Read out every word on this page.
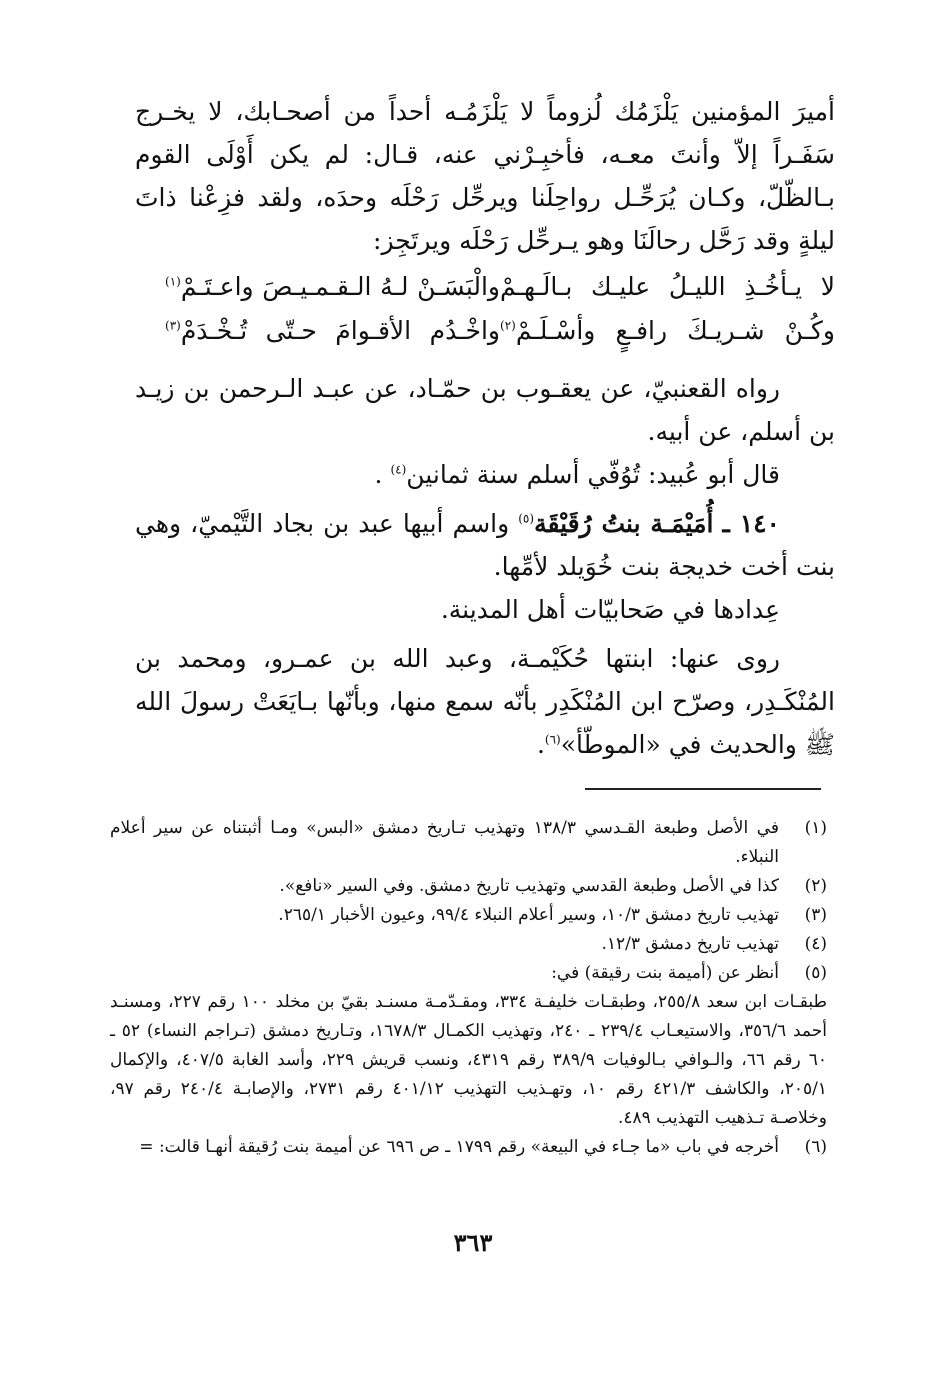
أميرَ المؤمنين يَلْزَمُك لُزوماً لا يَلْزَمُـه أحداً من أصحـابك، لا يخـرج سَفَـراً إلاّ وأنتَ معـه، فأخبِـرْني عنه، قـال: لم يكن أَوْلَى القوم بـالظّلّ، وكـان يُرَحِّـل رواحِلَنا ويرحِّل رَحْلَه وحدَه، ولقد فزِعْنا ذاتَ ليلةٍ وقد رَحَّل رحالَنَا وهو يـرحِّل رَحْلَه ويرتَجِز:

لا يـأخُـذِ الليـلُ عليـك بـالَـهـمْ
والْبَسَـنْ لـهُ الـقـمـيـصَ واعـتَـمْ$^{(١)}$
وكُـنْ شـريـكَ رافـعٍ وأسْـلَـمْ$^{(٢)}$
واخْـدُم الأقـوامَ حـتّى تُـخْـدَمْ$^{(٣)}$

رواه القعنبيّ، عن يعقـوب بن حمّـاد، عن عبـد الـرحمن بن زيـد بن أسلم، عن أبيه.

قال أبو عُبيد: تُوُفّي أسلم سنة ثمانين$^{(٤)}$ .

١٤٠ ـ أُمَيْمَـة بنتُ رُقَيْقَة$^{(٥)}$ واسم أبيها عبد بن بجاد التَّيْميّ، وهي بنت أخت خديجة بنت خُوَيلد لأمِّها.

عِدادها في صَحابيّات أهل المدينة.

روى عنها: ابنتها حُكَيْمـة، وعبد الله بن عمـرو، ومحمد بن المُنْكَـدِر، وصرّح ابن المُنْكَدِر بأنّه سمع منها، وبأنّها بـايَعَتْ رسولَ الله ﷺ والحديث في «الموطّأ»$^{(٦)}$.

(١)
في الأصل وطبعة القـدسي ١٣٨/٣ وتهذيب تـاريخ دمشق «البس» ومـا أثبتناه عن سير أعلام النبلاء.
(٢)
كذا في الأصل وطبعة القدسي وتهذيب تاريخ دمشق. وفي السير «نافع».
(٣)
تهذيب تاريخ دمشق ١٠/٣، وسير أعلام النبلاء ٩٩/٤، وعيون الأخبار ٢٦٥/١.
(٤)
تهذيب تاريخ دمشق ١٢/٣.
(٥)
أنظر عن (أميمة بنت رقيقة) في:
طبقـات ابن سعد ٢٥٥/٨، وطبقـات خليفـة ٣٣٤، ومقـدّمـة مسنـد بقيّ بن مخلد ١٠٠ رقم ٢٢٧، ومسنـد أحمد ٣٥٦/٦، والاستيعـاب ٢٣٩/٤ ـ ٢٤٠، وتهذيب الكمـال ١٦٧٨/٣، وتـاريخ دمشق (تـراجم النساء) ٥٢ ـ ٦٠ رقم ٦٦، والـوافي بـالوفيات ٣٨٩/٩ رقم ٤٣١٩، ونسب قريش ٢٢٩، وأسد الغابة ٤٠٧/٥، والإكمال ٢٠٥/١، والكاشف ٤٢١/٣ رقم ١٠، وتهـذيب التهذيب ٤٠١/١٢ رقم ٢٧٣١، والإصابـة ٢٤٠/٤ رقم ٩٧، وخلاصـة تـذهيب التهذيب ٤٨٩.
(٦)
أخرجه في باب «ما جـاء في البيعة» رقم ١٧٩٩ ـ ص ٦٩٦ عن أميمة بنت رُقيقة أنهـا قالت: =
٣٦٣
